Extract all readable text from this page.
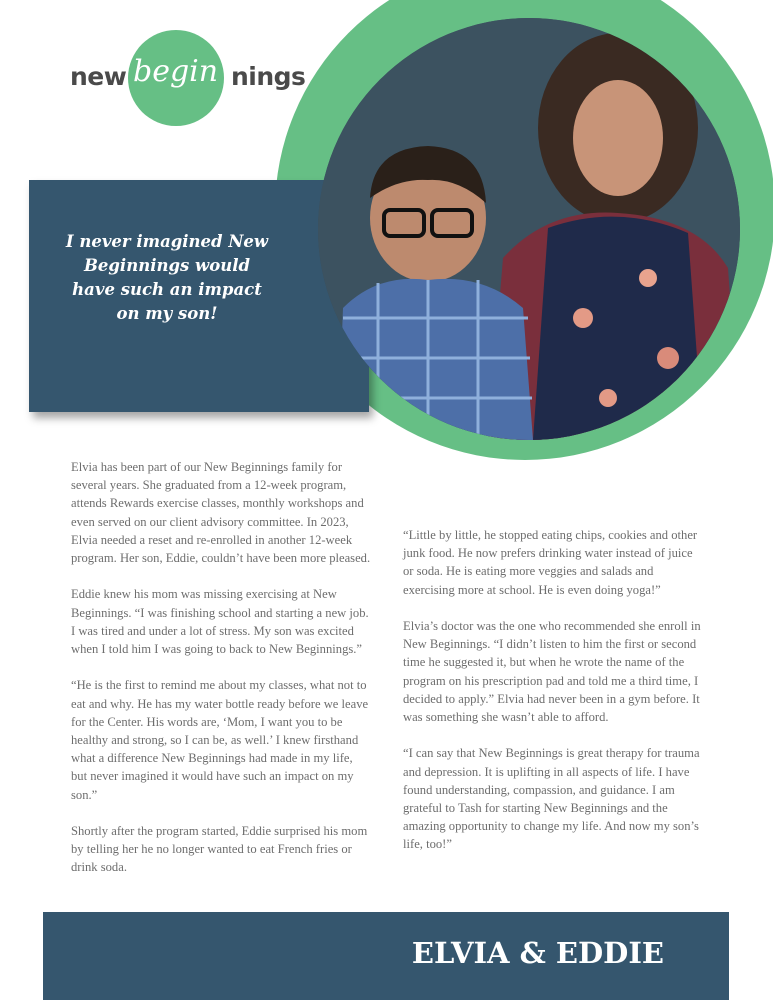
I never imagined New Beginnings would have such an impact on my son!
new begin nings

Elvia has been part of our New Beginnings family for several years. She graduated from a 12-week program, attends Rewards exercise classes, monthly workshops and even served on our client advisory committee. In 2023, Elvia needed a reset and re-enrolled in another 12-week program. Her son, Eddie, couldn’t have been more pleased.

Eddie knew his mom was missing exercising at New Beginnings. “I was finishing school and starting a new job. I was tired and under a lot of stress. My son was excited when I told him I was going to back to New Beginnings.”

“He is the first to remind me about my classes, what not to eat and why. He has my water bottle ready before we leave for the Center. His words are, ‘Mom, I want you to be healthy and strong, so I can be, as well.’ I knew firsthand what a difference New Beginnings had made in my life, but never imagined it would have such an impact on my son.”

Shortly after the program started, Eddie surprised his mom by telling her he no longer wanted to eat French fries or drink soda.

“Little by little, he stopped eating chips, cookies and other junk food. He now prefers drinking water instead of juice or soda. He is eating more veggies and salads and exercising more at school. He is even doing yoga!”

Elvia’s doctor was the one who recommended she enroll in New Beginnings. “I didn’t listen to him the first or second time he suggested it, but when he wrote the name of the program on his prescription pad and told me a third time, I decided to apply.” Elvia had never been in a gym before. It was something she wasn’t able to afford.

“I can say that New Beginnings is great therapy for trauma and depression. It is uplifting in all aspects of life. I have found understanding, compassion, and guidance. I am grateful to Tash for starting New Beginnings and the amazing opportunity to change my life. And now my son’s life, too!”

ELVIA & EDDIE
